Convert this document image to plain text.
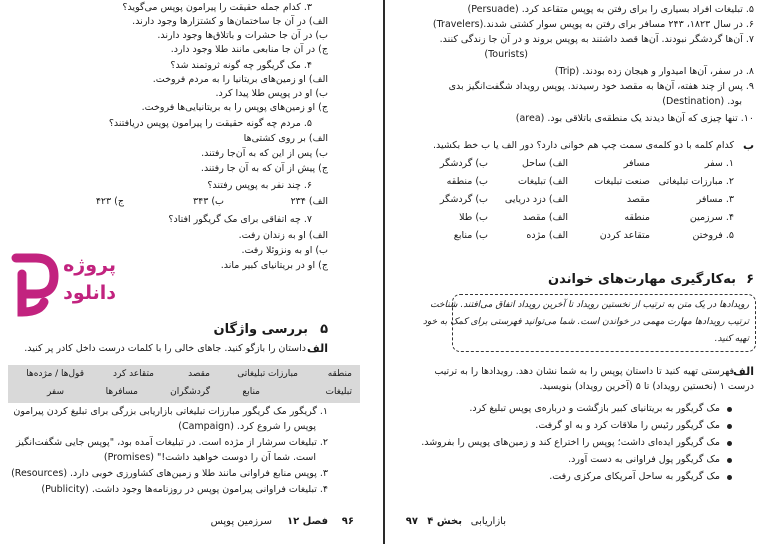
۳. کدام جمله حقیقت را پیرامون پوپس می‌گوید؟
الف) در آن جا ساختمان‌ها و کشتزارها وجود دارند.
ب) در آن جا حشرات و باتلاق‌ها وجود دارند.
ج) در آن جا منابعی مانند طلا وجود دارد.
۴. مک گریگور چه گونه ثروتمند شد؟
الف) او زمین‌های بریتانیا را به مردم فروخت.
ب) او در پوپس طلا پیدا کرد.
ج) او زمین‌های پوپس را به بریتانیایی‌ها فروخت.
۵. مردم چه گونه حقیقت را پیرامون پوپس دریافتند؟
الف) بر روی کشتی‌ها
ب) پس از این که به آن‌جا رفتند.
ج) پیش از آن که به آن جا رفتند.
۶. چند نفر به پوپس رفتند؟
الف) ۲۳۴
ب) ۳۴۳
ج) ۴۲۳
۷. چه اتفاقی برای مک گریگور افتاد؟
الف) او به زندان رفت.
ب) او به ونزوئلا رفت.
ج) او در بریتانیای کبیر ماند.
پروژه
دانلود
۵
بررسی واژگان
الف
داستان را بازگو کنید. جاهای خالی را با کلمات درست داخل کادر پر کنید.
منطقه
مبارزات تبلیغاتی
مقصد
متقاعد کرد
قول‌ها / مژده‌ها
تبلیغات
منابع
گردشگران
مسافرها
سفر
۱. گریگور مک گریگور مبارزات تبلیغاتی بازاریابی بزرگی برای تبلیغ کردن پیرامون
پوپس را شروع کرد. (Campaign)
۲. تبلیغات سرشار از مژده است. در تبلیغات آمده بود، "پوپس جایی شگفت‌انگیز
است. شما آن را دوست خواهید داشت!" (Promises)
۳. پوپس منابع فراوانی مانند طلا و زمین‌های کشاورزی خوبی دارد. (Resources)
۴. تبلیغات فراوانی پیرامون پوپس در روزنامه‌ها وجود داشت. (Publicity)
۹۶
فصل ۱۲
سرزمین پوپس
۵. تبلیغات افراد بسیاری را برای رفتن به پوپس متقاعد کرد. (Persuade)
۶. در سال ۱۸۲۳، ۲۴۳ مسافر برای رفتن به پوپس سوار کشتی شدند.(Travelers)
۷. آن‌ها گردشگر نبودند. آن‌ها قصد داشتند به پوپس بروند و در آن جا زندگی کنند.
(Tourists)
۸. در سفر، آن‌ها امیدوار و هیجان زده بودند. (Trip)
۹. پس از چند هفته، آن‌ها به مقصد خود رسیدند. پوپس رویداد شگفت‌انگیز بدی
بود. (Destination)
۱۰. تنها چیزی که آن‌ها دیدند یک منطقه‌ی باتلاقی بود. (area)
ب
کدام کلمه با دو کلمه‌ی سمت چپ هم خوانی دارد؟ دور الف یا ب خط بکشید.
۱. سفر
مسافر
الف) ساحل
ب) گردشگر
۲. مبارزات تبلیغاتی
صنعت تبلیغات
الف) تبلیغات
ب) منطقه
۳. مسافر
مقصد
الف) دزد دریایی
ب) گردشگر
۴. سرزمین
منطقه
الف) مقصد
ب) طلا
۵. فروختن
متقاعد کردن
الف) مژده
ب) منابع
۶
به‌کارگیری مهارت‌های خواندن
رویدادها در یک متن به ترتیب از نخستین رویداد تا آخرین رویداد اتفاق می‌افتند. شناخت
ترتیب رویدادها مهارت مهمی در خواندن است. شما می‌توانید فهرستی برای کمک به خود
تهیه کنید.
الف
فهرستی تهیه کنید تا داستان پوپس را به شما نشان دهد. رویدادها را به ترتیب
درست ۱ (نخستین رویداد) تا ۵ (آخرین رویداد) بنویسید.
مک گریگور به بریتانیای کبیر بازگشت و درباره‌ی پوپس تبلیغ کرد.
مک گریگور رئیس را ملاقات کرد و به او گرفت.
مک گریگور ایده‌ای داشت؛ پوپس را اختراع کند و زمین‌های پوپس را بفروشد.
مک گریگور پول فراوانی به دست آورد.
مک گریگور به ساحل آمریکای مرکزی رفت.
بازاریابی
بخش ۴
۹۷
